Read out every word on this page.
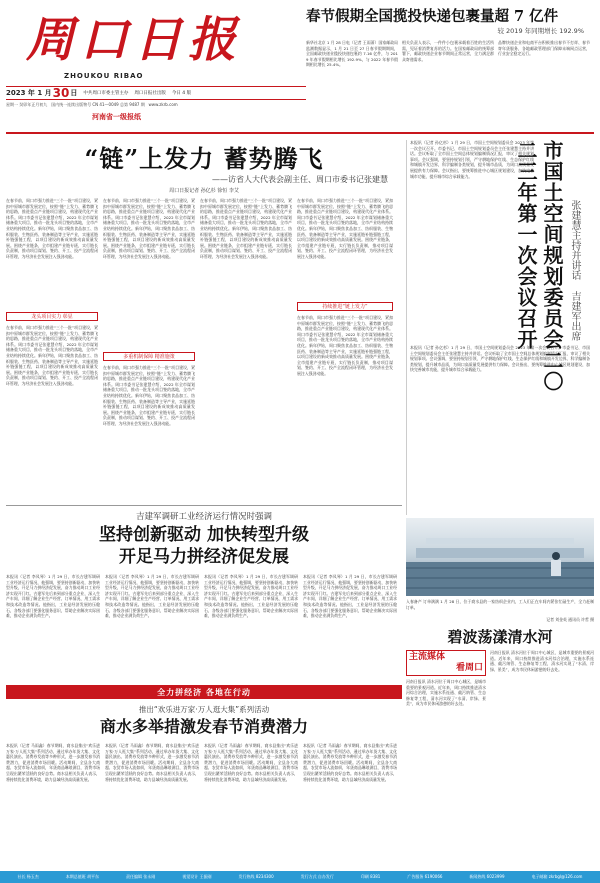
周口日报
ZHOUKOU RIBAO
2023 年 1 月 30 日 中共周口市委主管主办 周口日报社出版 今日 4 版
星期一 癸卯年正月初九 国内统一连续出版物号 CN 41—0049 总第 9487 期 www.zkrb.com
河南省一级报纸
春节假期全国揽投快递包裹量超 7 亿件
较 2019 年同期增长 192.9%
新华社北京 1 月 28 日电（记者 王雨萧）国家邮政局监测数据显示，1 月 21 日至 27 日春节假期期间，全国邮政快递业揽投快递包裹约 7.16 亿件，与 2019 年春节假期相比增长 192.9%，与 2022 年春节假期相比增长 25.4%。
相关负责人表示，一件件小包裹承载着百姓的生活所需，见证着消费复苏的活力。在国家邮政局的统筹部署下，邮政快递企业春节期间正常运营，全力满足群众寄递需求。
品牌快递企业和电商平台积极推出春节不打烊、春节寄年货服务，各地邮政管理部门保障末端网点运营，行业安全稳定运行。
“链”上发力 蓄势腾飞
——访省人大代表会副主任、周口市委书记张建慧
周口日报记者 孙亿杉 徐恒 李艾
在春节前，周口市强力推进“三个一批”项目建设，紧扣中原城市群发展定位，按照“链”上发力、蓄势腾飞的思路，推进重点产业链项目建设，构建现代化产业体系。周口市委书记张建慧介绍，2022 年全市谋划储备重大项目，推动一批龙头项目签约落地，全市产业结构持续优化。新年伊始，周口聚焦食品加工、纺织服装、生物医药、装备制造等主导产业，实施延链补链强链工程，以项目建设的新成效推动高质量发展。围绕产业链条，全市组建产业链专班，实行链长负责制，推动项目谋划、签约、开工、投产全流程闭环管理，为经济社会发展注入强劲动能。
龙头项目实力 彰显
在春节前，周口市强力推进“三个一批”项目建设，紧扣中原城市群发展定位，按照“链”上发力、蓄势腾飞的思路，推进重点产业链项目建设，构建现代化产业体系。周口市委书记张建慧介绍，2022 年全市谋划储备重大项目，推动一批龙头项目签约落地，全市产业结构持续优化。新年伊始，周口聚焦食品加工、纺织服装、生物医药、装备制造等主导产业，实施延链补链强链工程，以项目建设的新成效推动高质量发展。围绕产业链条，全市组建产业链专班，实行链长负责制，推动项目谋划、签约、开工、投产全流程闭环管理，为经济社会发展注入强劲动能。
在春节前，周口市强力推进“三个一批”项目建设，紧扣中原城市群发展定位，按照“链”上发力、蓄势腾飞的思路，推进重点产业链项目建设，构建现代化产业体系。周口市委书记张建慧介绍，2022 年全市谋划储备重大项目，推动一批龙头项目签约落地，全市产业结构持续优化。新年伊始，周口聚焦食品加工、纺织服装、生物医药、装备制造等主导产业，实施延链补链强链工程，以项目建设的新成效推动高质量发展。围绕产业链条，全市组建产业链专班，实行链长负责制，推动项目谋划、签约、开工、投产全流程闭环管理，为经济社会发展注入强劲动能。
多重机制保障 精准施策
在春节前，周口市强力推进“三个一批”项目建设，紧扣中原城市群发展定位，按照“链”上发力、蓄势腾飞的思路，推进重点产业链项目建设，构建现代化产业体系。周口市委书记张建慧介绍，2022 年全市谋划储备重大项目，推动一批龙头项目签约落地，全市产业结构持续优化。新年伊始，周口聚焦食品加工、纺织服装、生物医药、装备制造等主导产业，实施延链补链强链工程，以项目建设的新成效推动高质量发展。围绕产业链条，全市组建产业链专班，实行链长负责制，推动项目谋划、签约、开工、投产全流程闭环管理，为经济社会发展注入强劲动能。
在春节前，周口市强力推进“三个一批”项目建设，紧扣中原城市群发展定位，按照“链”上发力、蓄势腾飞的思路，推进重点产业链项目建设，构建现代化产业体系。周口市委书记张建慧介绍，2022 年全市谋划储备重大项目，推动一批龙头项目签约落地，全市产业结构持续优化。新年伊始，周口聚焦食品加工、纺织服装、生物医药、装备制造等主导产业，实施延链补链强链工程，以项目建设的新成效推动高质量发展。围绕产业链条，全市组建产业链专班，实行链长负责制，推动项目谋划、签约、开工、投产全流程闭环管理，为经济社会发展注入强劲动能。
在春节前，周口市强力推进“三个一批”项目建设，紧扣中原城市群发展定位，按照“链”上发力、蓄势腾飞的思路，推进重点产业链项目建设，构建现代化产业体系。周口市委书记张建慧介绍，2022 年全市谋划储备重大项目，推动一批龙头项目签约落地，全市产业结构持续优化。新年伊始，周口聚焦食品加工、纺织服装、生物医药、装备制造等主导产业，实施延链补链强链工程，以项目建设的新成效推动高质量发展。围绕产业链条，全市组建产业链专班，实行链长负责制，推动项目谋划、签约、开工、投产全流程闭环管理，为经济社会发展注入强劲动能。
持续推进“链上发力”
在春节前，周口市强力推进“三个一批”项目建设，紧扣中原城市群发展定位，按照“链”上发力、蓄势腾飞的思路，推进重点产业链项目建设，构建现代化产业体系。周口市委书记张建慧介绍，2022 年全市谋划储备重大项目，推动一批龙头项目签约落地，全市产业结构持续优化。新年伊始，周口聚焦食品加工、纺织服装、生物医药、装备制造等主导产业，实施延链补链强链工程，以项目建设的新成效推动高质量发展。围绕产业链条，全市组建产业链专班，实行链长负责制，推动项目谋划、签约、开工、投产全流程闭环管理，为经济社会发展注入强劲动能。
本报讯（记者 孙亿杉）1 月 29 日，市国土空间规划委员会 2023 年第一次会议召开。市委书记、市国土空间规划委员会主任张建慧主持并讲话。会议听取了全市国土空间总体规划编制情况汇报，审议了相关规划事项。会议强调，要坚持规划引领，严守耕地保护红线、生态保护红线和城镇开发边界，科学编制各类规划，提升城市品质，为周口高质量发展提供有力保障。会议指出，要统筹推进中心城区规划建设，加快完善城市功能，提升城市综合承载能力。	市国土空间规划委员会二〇二三年第一次会议召开	张建慧主持并讲话 吉建军出席
本报讯（记者 孙亿杉）1 月 29 日，市国土空间规划委员会 2023 年第一次会议召开。市委书记、市国土空间规划委员会主任张建慧主持并讲话。会议听取了全市国土空间总体规划编制情况汇报，审议了相关规划事项。会议强调，要坚持规划引领，严守耕地保护红线、生态保护红线和城镇开发边界，科学编制各类规划，提升城市品质，为周口高质量发展提供有力保障。会议指出，要统筹推进中心城区规划建设，加快完善城市功能，提升城市综合承载能力。
吉建军调研工业经济运行情况时强调
坚持创新驱动 加快转型升级
开足马力拼经济促发展
本报讯（记者 李凤琴）1 月 29 日，市长吉建军调研工业经济运行情况，他强调，要坚持创新驱动，加快转型升级，开足马力拼经济促发展，奋力推动周口工业经济实现开门红。吉建军先后来到部分重点企业，深入生产车间，详细了解企业生产经营、订单情况、用工需求和技术改造等情况。他指出，工业是经济发展的压舱石，各级各部门要强化服务意识，帮助企业解决实际困难，推动企业满负荷生产。
本报讯（记者 李凤琴）1 月 29 日，市长吉建军调研工业经济运行情况，他强调，要坚持创新驱动，加快转型升级，开足马力拼经济促发展，奋力推动周口工业经济实现开门红。吉建军先后来到部分重点企业，深入生产车间，详细了解企业生产经营、订单情况、用工需求和技术改造等情况。他指出，工业是经济发展的压舱石，各级各部门要强化服务意识，帮助企业解决实际困难，推动企业满负荷生产。
本报讯（记者 李凤琴）1 月 29 日，市长吉建军调研工业经济运行情况，他强调，要坚持创新驱动，加快转型升级，开足马力拼经济促发展，奋力推动周口工业经济实现开门红。吉建军先后来到部分重点企业，深入生产车间，详细了解企业生产经营、订单情况、用工需求和技术改造等情况。他指出，工业是经济发展的压舱石，各级各部门要强化服务意识，帮助企业解决实际困难，推动企业满负荷生产。
本报讯（记者 李凤琴）1 月 29 日，市长吉建军调研工业经济运行情况，他强调，要坚持创新驱动，加快转型升级，开足马力拼经济促发展，奋力推动周口工业经济实现开门红。吉建军先后来到部分重点企业，深入生产车间，详细了解企业生产经营、订单情况、用工需求和技术改造等情况。他指出，工业是经济发展的压舱石，各级各部门要强化服务意识，帮助企业解决实际困难，推动企业满负荷生产。
入春备产 订单满满 1 月 28 日，位于商水县的一家纺织企业内，工人们正在车间内紧张忙碌生产，全力赶制订单。
记者 刘金英 通讯员 许哲 摄
碧波荡漾清水河
主流媒体
看周口
河南日报讯 清水河位于周口中心城区，是城市重要的景观河道。近年来，周口持续推进清水河综合治理，实施水系连通、截污纳管、生态修复等工程，清水河实现了“水清、岸绿、景美”，成为市民休闲游憩的好去处。
河南日报讯 清水河位于周口中心城区，是城市重要的景观河道。近年来，周口持续推进清水河综合治理，实施水系连通、截污纳管、生态修复等工程，清水河实现了“水清、岸绿、景美”，成为市民休闲游憩的好去处。
全力拼经济 各地在行动
推出“欢乐进万家·万人逛大集”系列活动
商水多举措激发春节消费潜力
本报讯（记者 马雨鑫）春节期间，商水县推出“欢乐进万家·万人逛大集”系列活动，通过举办年货大集、文化惠民演出、消费券发放等多种形式，进一步激发春节消费潜力，促进消费市场回暖。活动期间，全县各大商超、农贸市场人流如织，年货商品琳琅满目，消费市场呈现出繁荣活跃的良好态势。商水县相关负责人表示，将持续优化消费环境，助力县域经济高质量发展。
本报讯（记者 马雨鑫）春节期间，商水县推出“欢乐进万家·万人逛大集”系列活动，通过举办年货大集、文化惠民演出、消费券发放等多种形式，进一步激发春节消费潜力，促进消费市场回暖。活动期间，全县各大商超、农贸市场人流如织，年货商品琳琅满目，消费市场呈现出繁荣活跃的良好态势。商水县相关负责人表示，将持续优化消费环境，助力县域经济高质量发展。
本报讯（记者 马雨鑫）春节期间，商水县推出“欢乐进万家·万人逛大集”系列活动，通过举办年货大集、文化惠民演出、消费券发放等多种形式，进一步激发春节消费潜力，促进消费市场回暖。活动期间，全县各大商超、农贸市场人流如织，年货商品琳琅满目，消费市场呈现出繁荣活跃的良好态势。商水县相关负责人表示，将持续优化消费环境，助力县域经济高质量发展。
本报讯（记者 马雨鑫）春节期间，商水县推出“欢乐进万家·万人逛大集”系列活动，通过举办年货大集、文化惠民演出、消费券发放等多种形式，进一步激发春节消费潜力，促进消费市场回暖。活动期间，全县各大商超、农贸市场人流如织，年货商品琳琅满目，消费市场呈现出繁荣活跃的良好态势。商水县相关负责人表示，将持续优化消费环境，助力县域经济高质量发展。
社长 杨玉杰	本期总值班 胡平东	责任编辑 张永刚	视觉设计 王振刚	发行热线 8234300	发行方式 自办发行	印刷 8381	广告服务 6190066	新闻热线 6023999	电子邮箱 zkrbgl@126.com
